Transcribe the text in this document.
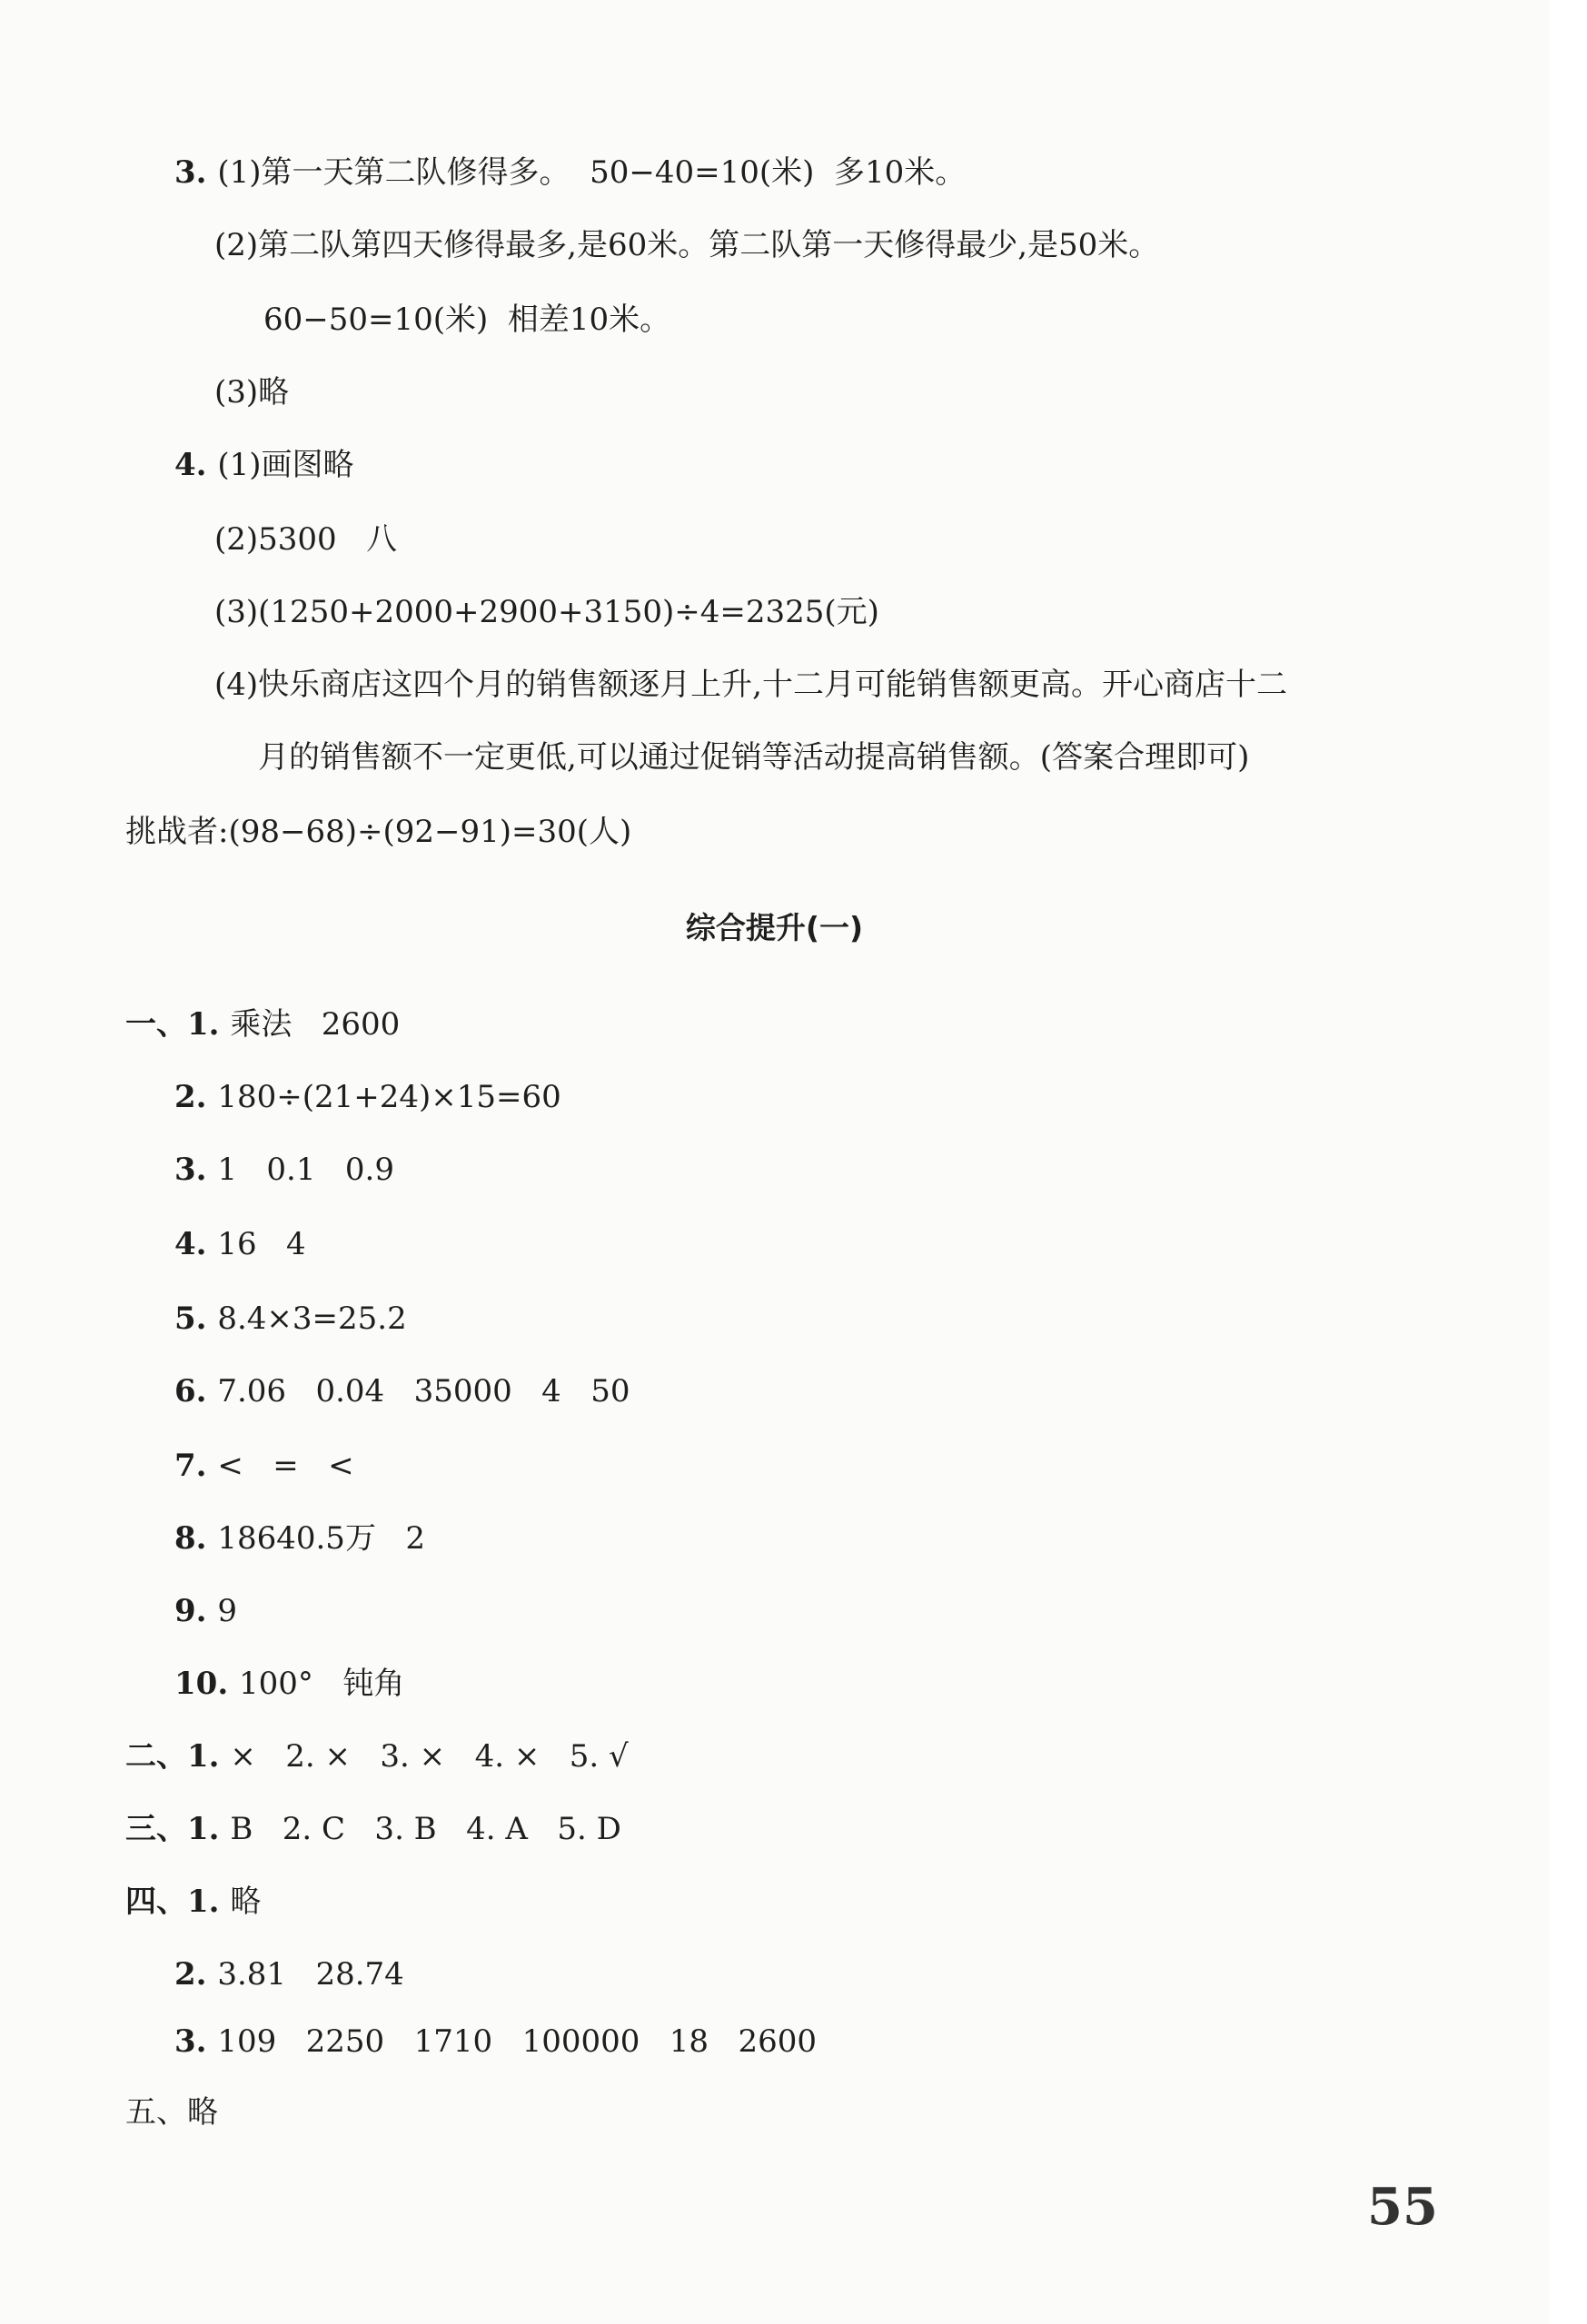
3. (1)第一天第二队修得多。  50−40=10(米)  多10米。
(2)第二队第四天修得最多,是60米。第二队第一天修得最少,是50米。
60−50=10(米)  相差10米。
(3)略
4. (1)画图略
(2)5300   八
(3)(1250+2000+2900+3150)÷4=2325(元)
(4)快乐商店这四个月的销售额逐月上升,十二月可能销售额更高。开心商店十二
月的销售额不一定更低,可以通过促销等活动提高销售额。(答案合理即可)
挑战者:(98−68)÷(92−91)=30(人)
综合提升(一)
一、1. 乘法   2600
2. 180÷(21+24)×15=60
3. 1   0.1   0.9
4. 16   4
5. 8.4×3=25.2
6. 7.06   0.04   35000   4   50
7. <   =   <
8. 18640.5万   2
9. 9
10. 100°   钝角
二、1. ×   2. ×   3. ×   4. ×   5. √
三、1. B   2. C   3. B   4. A   5. D
四、1. 略
2. 3.81   28.74
3. 109   2250   1710   100000   18   2600
五、略
55
